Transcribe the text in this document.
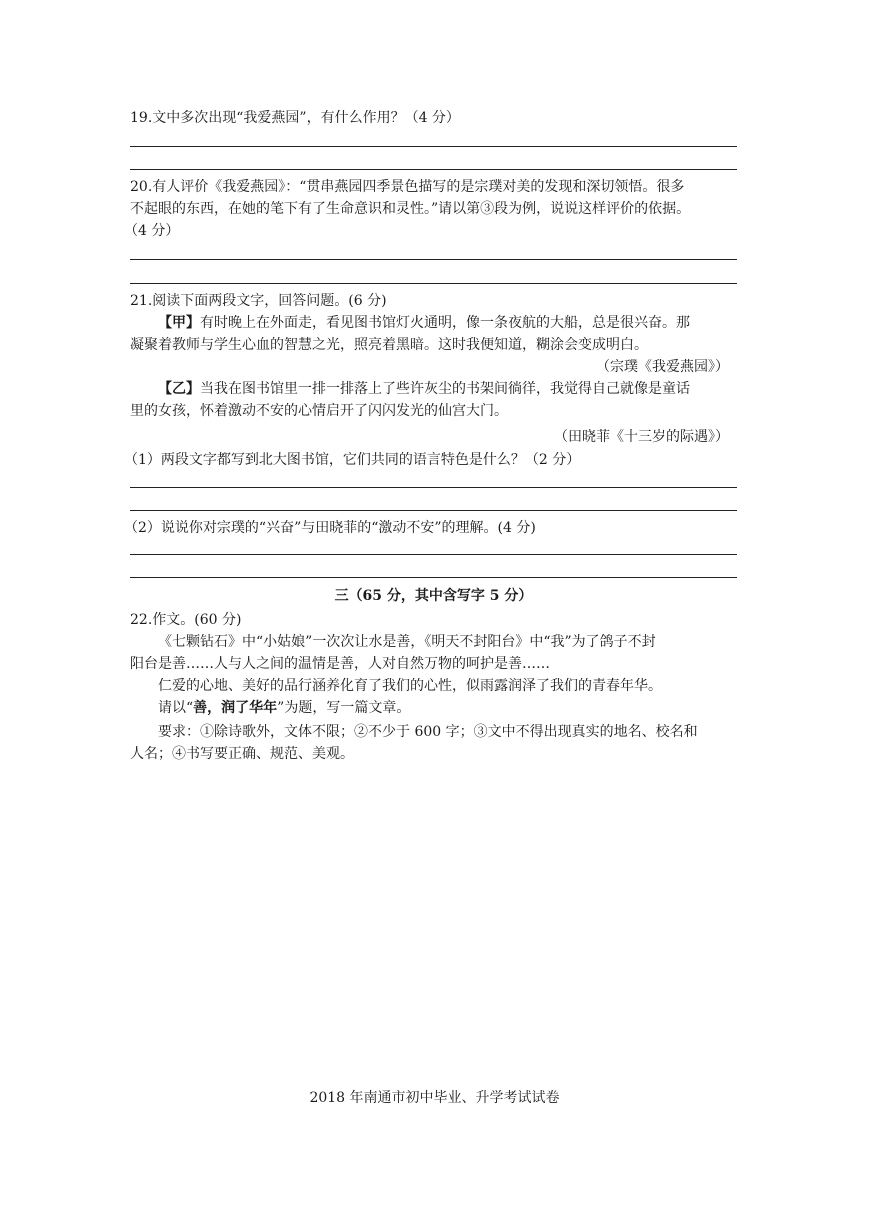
19.文中多次出现“我爱燕园”，有什么作用？（4 分）
20.有人评价《我爱燕园》：“贯串燕园四季景色描写的是宗璞对美的发现和深切领悟。很多
不起眼的东西，在她的笔下有了生命意识和灵性。”请以第③段为例，说说这样评价的依据。
（4 分）
21.阅读下面两段文字，回答问题。(6 分)
【甲】有时晚上在外面走，看见图书馆灯火通明，像一条夜航的大船，总是很兴奋。那
凝聚着教师与学生心血的智慧之光，照亮着黑暗。这时我便知道，糊涂会变成明白。
（宗璞《我爱燕园》）
【乙】当我在图书馆里一排一排落上了些许灰尘的书架间徜徉，我觉得自己就像是童话
里的女孩，怀着激动不安的心情启开了闪闪发光的仙宫大门。
（田晓菲《十三岁的际遇》）
（1）两段文字都写到北大图书馆，它们共同的语言特色是什么？（2 分）
（2）说说你对宗璞的“兴奋”与田晓菲的“激动不安”的理解。(4 分)
三（65 分，其中含写字 5 分）
22.作文。(60 分)
《七颗钻石》中“小姑娘”一次次让水是善，《明天不封阳台》中“我”为了鸽子不封
阳台是善……人与人之间的温情是善，人对自然万物的呵护是善……
仁爱的心地、美好的品行涵养化育了我们的心性，似雨露润泽了我们的青春年华。
请以“善，润了华年”为题，写一篇文章。
要求：①除诗歌外，文体不限；②不少于 600 字；③文中不得出现真实的地名、校名和
人名；④书写要正确、规范、美观。
2018 年南通市初中毕业、升学考试试卷
